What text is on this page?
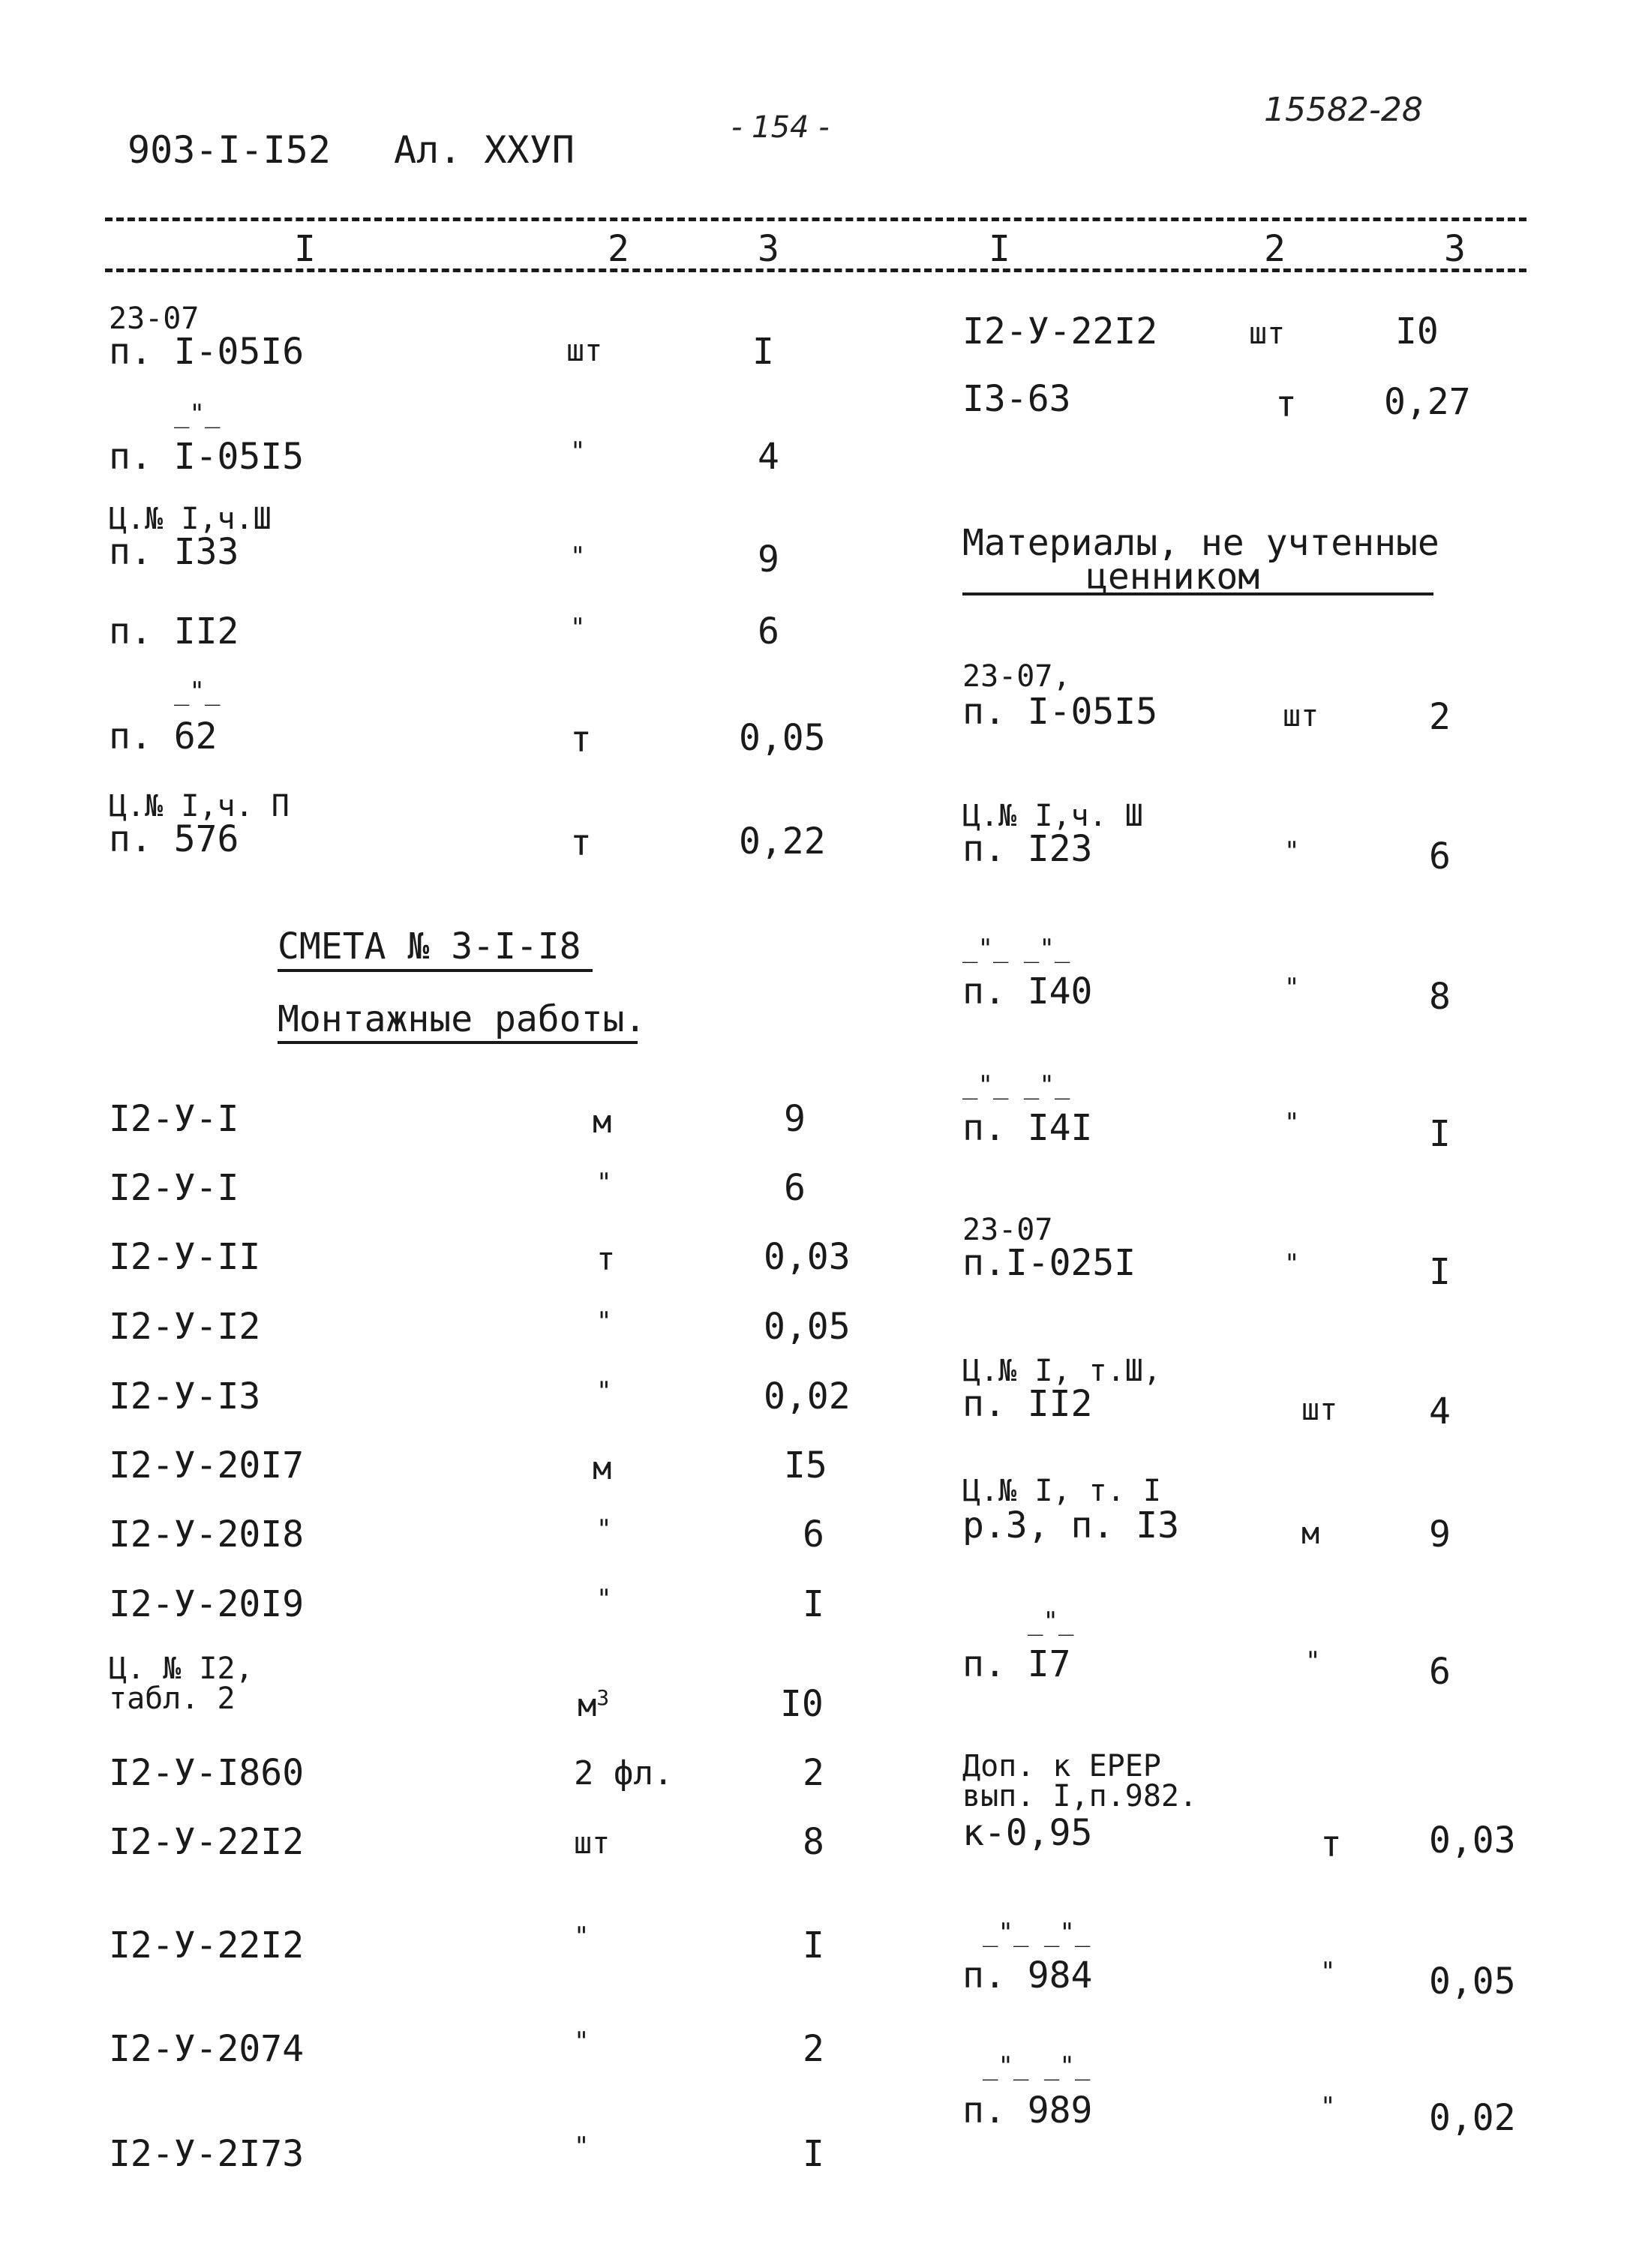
903-I-I52 Ал. ХХУП
- 154 -	15582-28
I	2	3	I	2	3
23-07
п. I-05I6	шт	I
_"_
п. I-05I5	"	4
Ц.№ I,ч.Ш
п. I33	"	9
п. II2	"	6
_"_
п. 62	т	0,05
Ц.№ I,ч. П
п. 576	т	0,22
СМЕТА № 3-I-I8
Монтажные работы.
I2-У-I	м	9
I2-У-I	"	6
I2-У-II	т	0,03
I2-У-I2	"	0,05
I2-У-I3	"	0,02
I2-У-20I7	м	I5
I2-У-20I8	"	6
I2-У-20I9	"	I
Ц. № I2,
табл. 2	$м^3$	I0
I2-У-I860	2 фл.	2
I2-У-22I2	шт	8
I2-У-22I2	"	I
I2-У-2074	"	2
I2-У-2I73	"	I
I2-У-22I2	шт	I0
I3-63	т 0,27
Материалы, не учтенные
ценником
23-07,
п. I-05I5	шт	2
Ц.№ I,ч. Ш
п. I23	"	6
_"_ _"_
п. I40	"	8
_"_ _"_
п. I4I	"	I
23-07
п.I-025I	"	I
Ц.№ I, т.Ш,
п. II2	шт	4
Ц.№ I, т. I
р.3, п. I3	м	9
_"_
п. I7	"	6
Доп. к ЕРЕР
вып. I,п.982.
к-0,95	т 0,03
_"_ _"_
п. 984	"	0,05
_"_ _"_
п. 989	"	0,02
